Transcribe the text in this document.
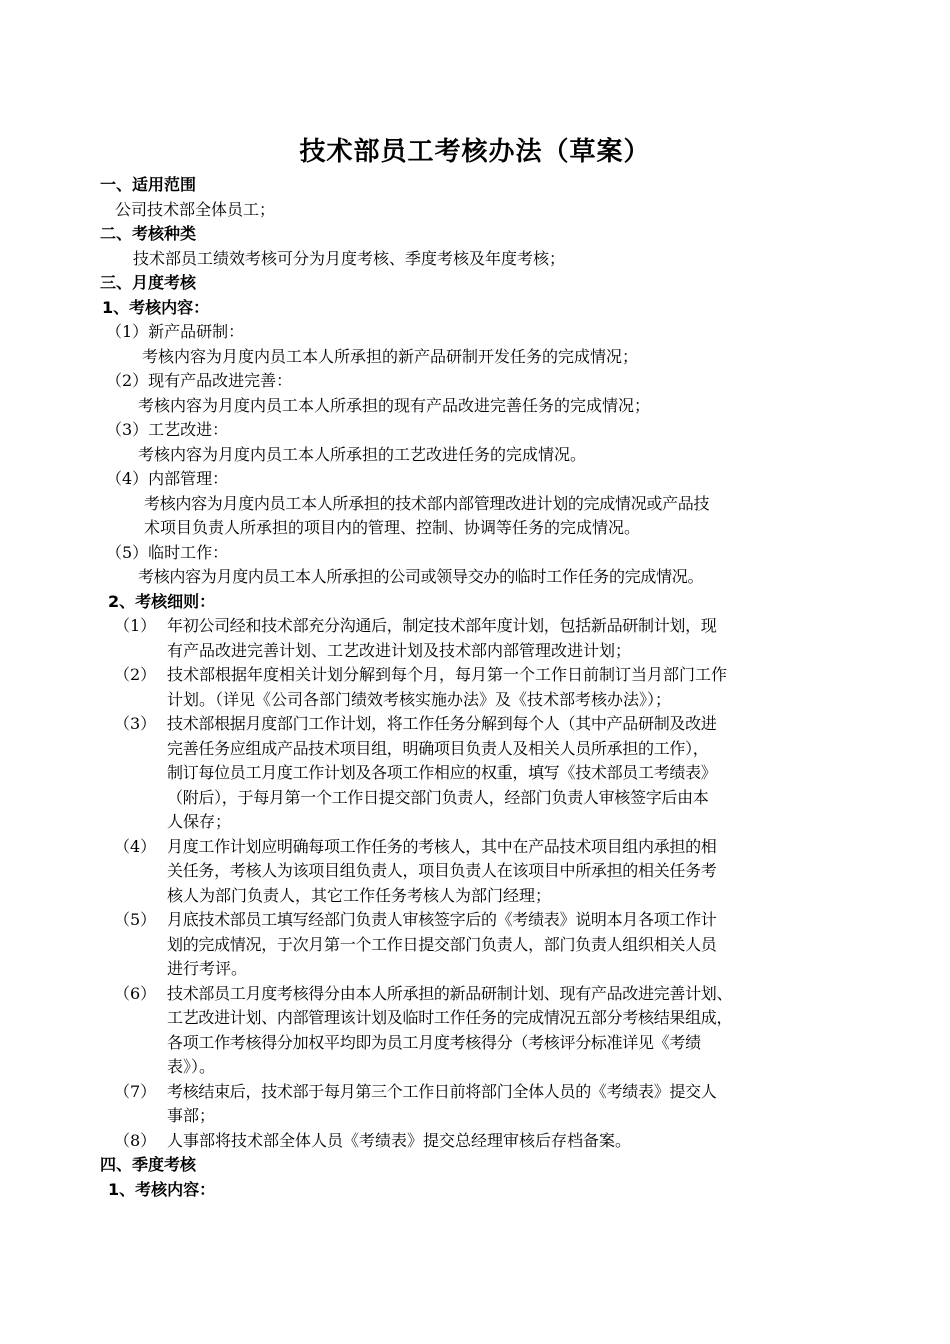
技术部员工考核办法（草案）
一、适用范围
公司技术部全体员工；
二、考核种类
技术部员工绩效考核可分为月度考核、季度考核及年度考核；
三、月度考核
1、考核内容：
（1）新产品研制：
考核内容为月度内员工本人所承担的新产品研制开发任务的完成情况；
（2）现有产品改进完善：
考核内容为月度内员工本人所承担的现有产品改进完善任务的完成情况；
（3）工艺改进：
考核内容为月度内员工本人所承担的工艺改进任务的完成情况。
（4）内部管理：
考核内容为月度内员工本人所承担的技术部内部管理改进计划的完成情况或产品技
术项目负责人所承担的项目内的管理、控制、协调等任务的完成情况。
（5）临时工作：
考核内容为月度内员工本人所承担的公司或领导交办的临时工作任务的完成情况。
2、考核细则：
（1） 年初公司经和技术部充分沟通后，制定技术部年度计划，包括新品研制计划，现
有产品改进完善计划、工艺改进计划及技术部内部管理改进计划；
（2） 技术部根据年度相关计划分解到每个月，每月第一个工作日前制订当月部门工作
计划。（详见《公司各部门绩效考核实施办法》及《技术部考核办法》）；
（3） 技术部根据月度部门工作计划，将工作任务分解到每个人（其中产品研制及改进
完善任务应组成产品技术项目组，明确项目负责人及相关人员所承担的工作），
制订每位员工月度工作计划及各项工作相应的权重，填写《技术部员工考绩表》
（附后），于每月第一个工作日提交部门负责人，经部门负责人审核签字后由本
人保存；
（4） 月度工作计划应明确每项工作任务的考核人，其中在产品技术项目组内承担的相
关任务，考核人为该项目组负责人，项目负责人在该项目中所承担的相关任务考
核人为部门负责人，其它工作任务考核人为部门经理；
（5） 月底技术部员工填写经部门负责人审核签字后的《考绩表》说明本月各项工作计
划的完成情况，于次月第一个工作日提交部门负责人，部门负责人组织相关人员
进行考评。
（6） 技术部员工月度考核得分由本人所承担的新品研制计划、现有产品改进完善计划、
工艺改进计划、内部管理该计划及临时工作任务的完成情况五部分考核结果组成，
各项工作考核得分加权平均即为员工月度考核得分（考核评分标准详见《考绩
表》）。
（7） 考核结束后，技术部于每月第三个工作日前将部门全体人员的《考绩表》提交人
事部；
（8） 人事部将技术部全体人员《考绩表》提交总经理审核后存档备案。
四、季度考核
1、考核内容：
